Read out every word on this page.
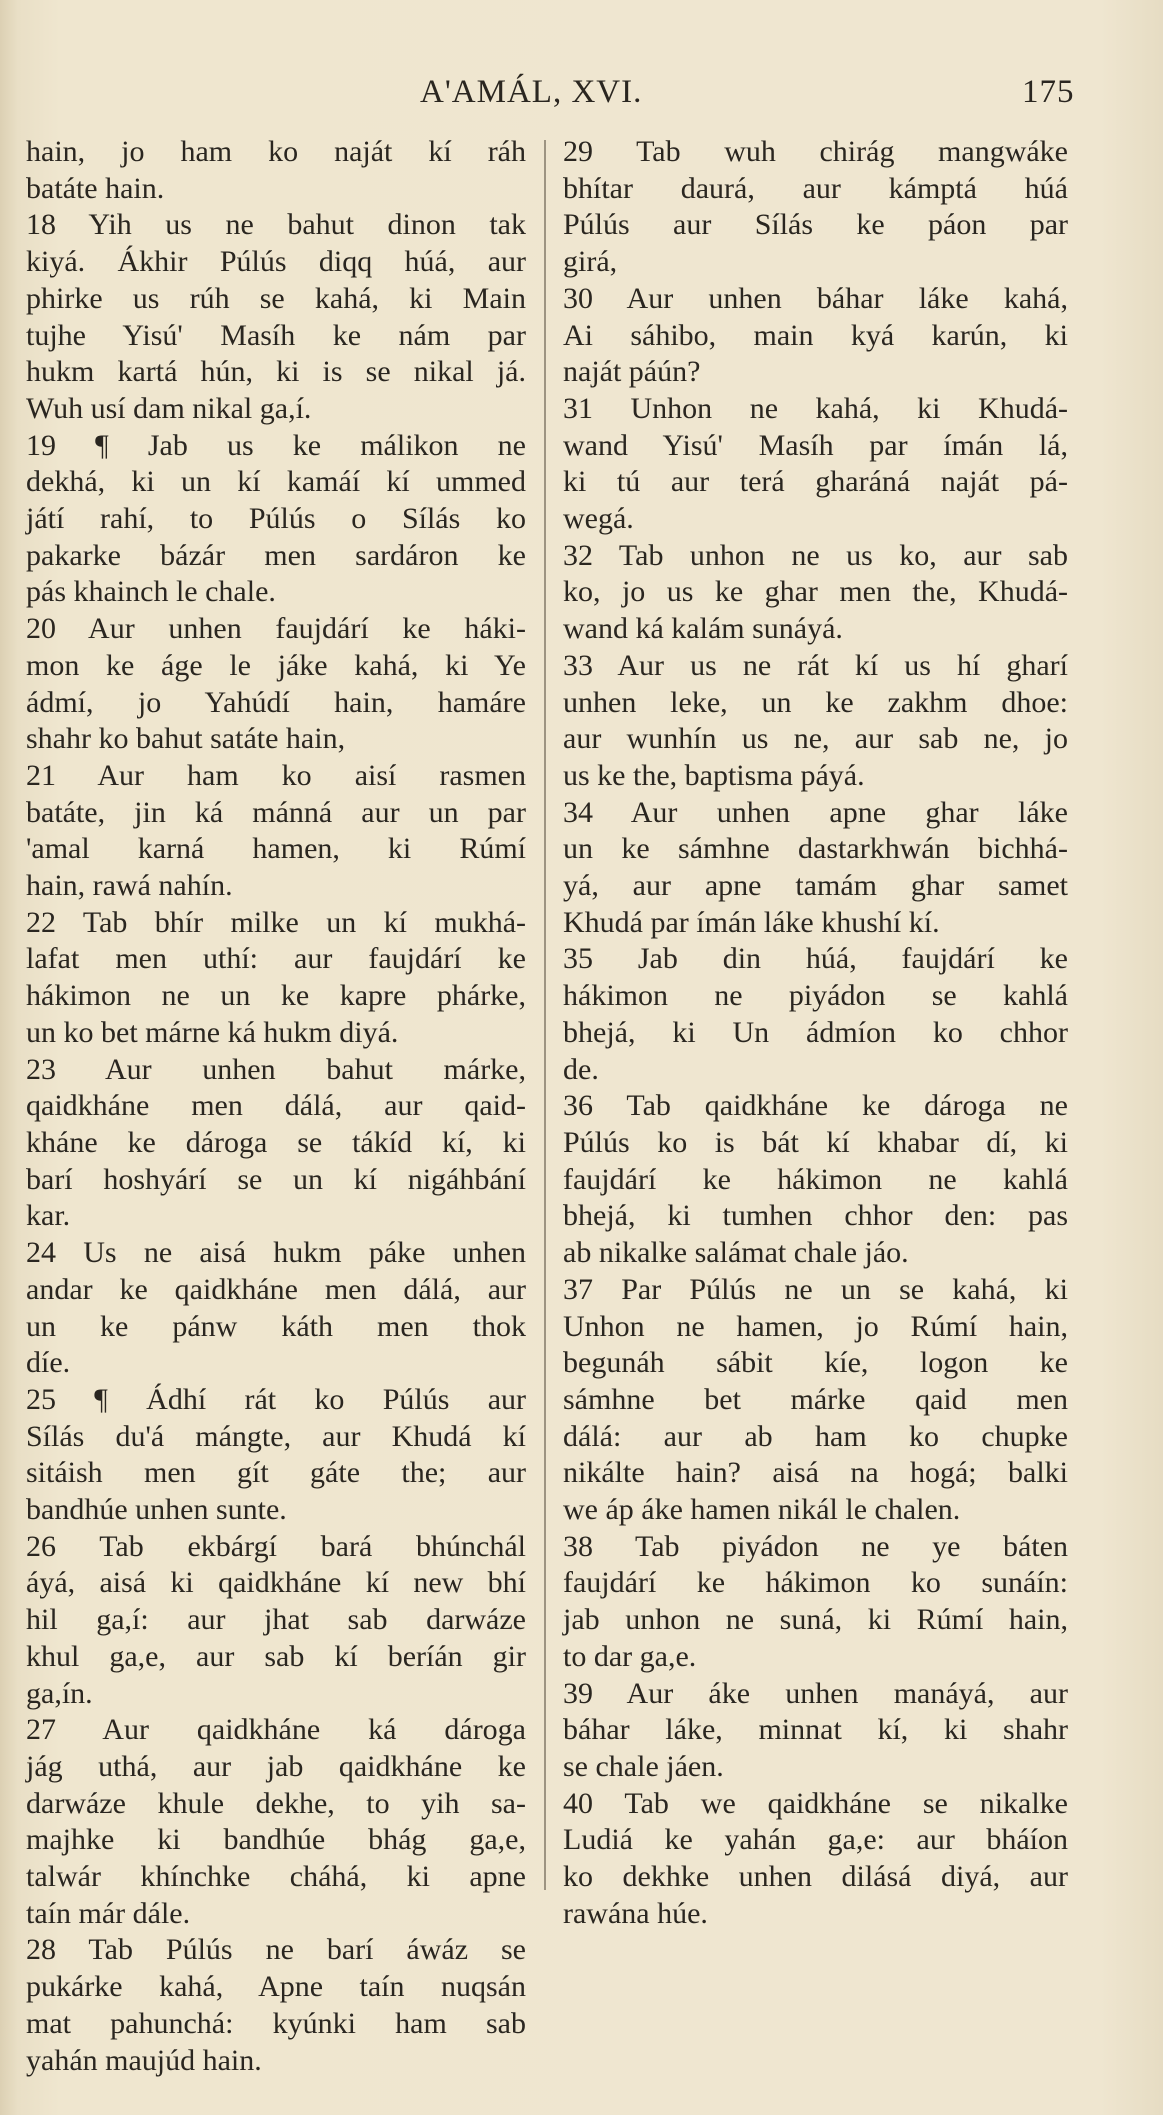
A'AMÁL, XVI.	175
hain, jo ham ko naját kí ráh
batáte hain.
18 Yih us ne bahut dinon tak
kiyá. Ákhir Púlús diqq húá, aur
phirke us rúh se kahá, ki Main
tujhe Yisú' Masíh ke nám par
hukm kartá hún, ki is se nikal já.
Wuh usí dam nikal ga,í.
19 ¶ Jab us ke málikon ne
dekhá, ki un kí kamáí kí ummed
játí rahí, to Púlús o Sílás ko
pakarke bázár men sardáron ke
pás khainch le chale.
20 Aur unhen faujdárí ke háki-
mon ke áge le jáke kahá, ki Ye
ádmí, jo Yahúdí hain, hamáre
shahr ko bahut satáte hain,
21 Aur ham ko aisí rasmen
batáte, jin ká mánná aur un par
'amal karná hamen, ki Rúmí
hain, rawá nahín.
22 Tab bhír milke un kí mukhá-
lafat men uthí: aur faujdárí ke
hákimon ne un ke kapre phárke,
un ko bet márne ká hukm diyá.
23 Aur unhen bahut márke,
qaidkháne men dálá, aur qaid-
kháne ke dároga se tákíd kí, ki
barí hoshyárí se un kí nigáhbání
kar.
24 Us ne aisá hukm páke unhen
andar ke qaidkháne men dálá, aur
un ke pánw káth men thok
díe.
25 ¶ Ádhí rát ko Púlús aur
Sílás du'á mángte, aur Khudá kí
sitáish men gít gáte the; aur
bandhúe unhen sunte.
26 Tab ekbárgí bará bhúnchál
áyá, aisá ki qaidkháne kí new bhí
hil ga,í: aur jhat sab darwáze
khul ga,e, aur sab kí beríán gir
ga,ín.
27 Aur qaidkháne ká dároga
jág uthá, aur jab qaidkháne ke
darwáze khule dekhe, to yih sa-
majhke ki bandhúe bhág ga,e,
talwár khínchke cháhá, ki apne
taín már dále.
28 Tab Púlús ne barí áwáz se
pukárke kahá, Apne taín nuqsán
mat pahunchá: kyúnki ham sab
yahán maujúd hain.
29 Tab wuh chirág mangwáke
bhítar daurá, aur kámptá húá
Púlús aur Sílás ke páon par
girá,
30 Aur unhen báhar láke kahá,
Ai sáhibo, main kyá karún, ki
naját páún?
31 Unhon ne kahá, ki Khudá-
wand Yisú' Masíh par ímán lá,
ki tú aur terá gharáná naját pá-
wegá.
32 Tab unhon ne us ko, aur sab
ko, jo us ke ghar men the, Khudá-
wand ká kalám sunáyá.
33 Aur us ne rát kí us hí gharí
unhen leke, un ke zakhm dhoe:
aur wunhín us ne, aur sab ne, jo
us ke the, baptisma páyá.
34 Aur unhen apne ghar láke
un ke sámhne dastarkhwán bichhá-
yá, aur apne tamám ghar samet
Khudá par ímán láke khushí kí.
35 Jab din húá, faujdárí ke
hákimon ne piyádon se kahlá
bhejá, ki Un ádmíon ko chhor
de.
36 Tab qaidkháne ke dároga ne
Púlús ko is bát kí khabar dí, ki
faujdárí ke hákimon ne kahlá
bhejá, ki tumhen chhor den: pas
ab nikalke salámat chale jáo.
37 Par Púlús ne un se kahá, ki
Unhon ne hamen, jo Rúmí hain,
begunáh sábit kíe, logon ke
sámhne bet márke qaid men
dálá: aur ab ham ko chupke
nikálte hain? aisá na hogá; balki
we áp áke hamen nikál le chalen.
38 Tab piyádon ne ye báten
faujdárí ke hákimon ko sunáín:
jab unhon ne suná, ki Rúmí hain,
to dar ga,e.
39 Aur áke unhen manáyá, aur
báhar láke, minnat kí, ki shahr
se chale jáen.
40 Tab we qaidkháne se nikalke
Ludiá ke yahán ga,e: aur bháíon
ko dekhke unhen dilásá diyá, aur
rawána húe.
